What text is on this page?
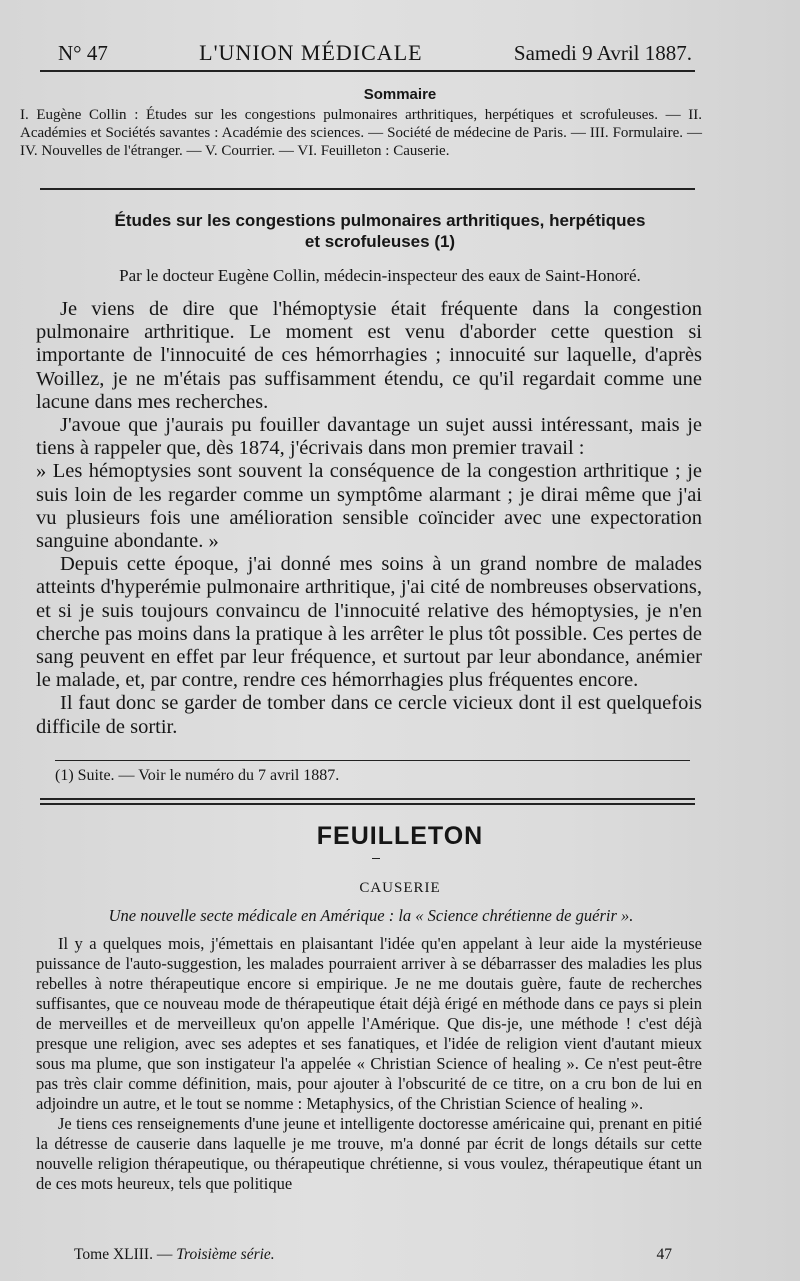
N° 47	L'UNION MÉDICALE	Samedi 9 Avril 1887.
Sommaire
I. Eugène Collin : Études sur les congestions pulmonaires arthritiques, herpétiques et scrofuleuses. — II. Académies et Sociétés savantes : Académie des sciences. — Société de médecine de Paris. — III. Formulaire. — IV. Nouvelles de l'étranger. — V. Courrier. — VI. Feuilleton : Causerie.
Études sur les congestions pulmonaires arthritiques, herpétiques
et scrofuleuses (1)
Par le docteur Eugène Collin, médecin-inspecteur des eaux de Saint-Honoré.

Je viens de dire que l'hémoptysie était fréquente dans la congestion pulmonaire arthritique. Le moment est venu d'aborder cette question si importante de l'innocuité de ces hémorrhagies ; innocuité sur laquelle, d'après Woillez, je ne m'étais pas suffisamment étendu, ce qu'il regardait comme une lacune dans mes recherches.

J'avoue que j'aurais pu fouiller davantage un sujet aussi intéressant, mais je tiens à rappeler que, dès 1874, j'écrivais dans mon premier travail :

» Les hémoptysies sont souvent la conséquence de la congestion arthritique ; je suis loin de les regarder comme un symptôme alarmant ; je dirai même que j'ai vu plusieurs fois une amélioration sensible coïncider avec une expectoration sanguine abondante. »

Depuis cette époque, j'ai donné mes soins à un grand nombre de malades atteints d'hyperémie pulmonaire arthritique, j'ai cité de nombreuses observations, et si je suis toujours convaincu de l'innocuité relative des hémoptysies, je n'en cherche pas moins dans la pratique à les arrêter le plus tôt possible. Ces pertes de sang peuvent en effet par leur fréquence, et surtout par leur abondance, anémier le malade, et, par contre, rendre ces hémorrhagies plus fréquentes encore.

Il faut donc se garder de tomber dans ce cercle vicieux dont il est quelquefois difficile de sortir.

(1) Suite. — Voir le numéro du 7 avril 1887.
FEUILLETON
CAUSERIE
Une nouvelle secte médicale en Amérique : la « Science chrétienne de guérir ».

Il y a quelques mois, j'émettais en plaisantant l'idée qu'en appelant à leur aide la mystérieuse puissance de l'auto-suggestion, les malades pourraient arriver à se débarrasser des maladies les plus rebelles à notre thérapeutique encore si empirique. Je ne me doutais guère, faute de recherches suffisantes, que ce nouveau mode de thérapeutique était déjà érigé en méthode dans ce pays si plein de merveilles et de merveilleux qu'on appelle l'Amérique. Que dis-je, une méthode ! c'est déjà presque une religion, avec ses adeptes et ses fanatiques, et l'idée de religion vient d'autant mieux sous ma plume, que son instigateur l'a appelée « Christian Science of healing ». Ce n'est peut-être pas très clair comme définition, mais, pour ajouter à l'obscurité de ce titre, on a cru bon de lui en adjoindre un autre, et le tout se nomme : Metaphysics, of the Christian Science of healing ».

Je tiens ces renseignements d'une jeune et intelligente doctoresse américaine qui, prenant en pitié la détresse de causerie dans laquelle je me trouve, m'a donné par écrit de longs détails sur cette nouvelle religion thérapeutique, ou thérapeutique chrétienne, si vous voulez, thérapeutique étant un de ces mots heureux, tels que politique

Tome XLIII. — Troisième série.	47
